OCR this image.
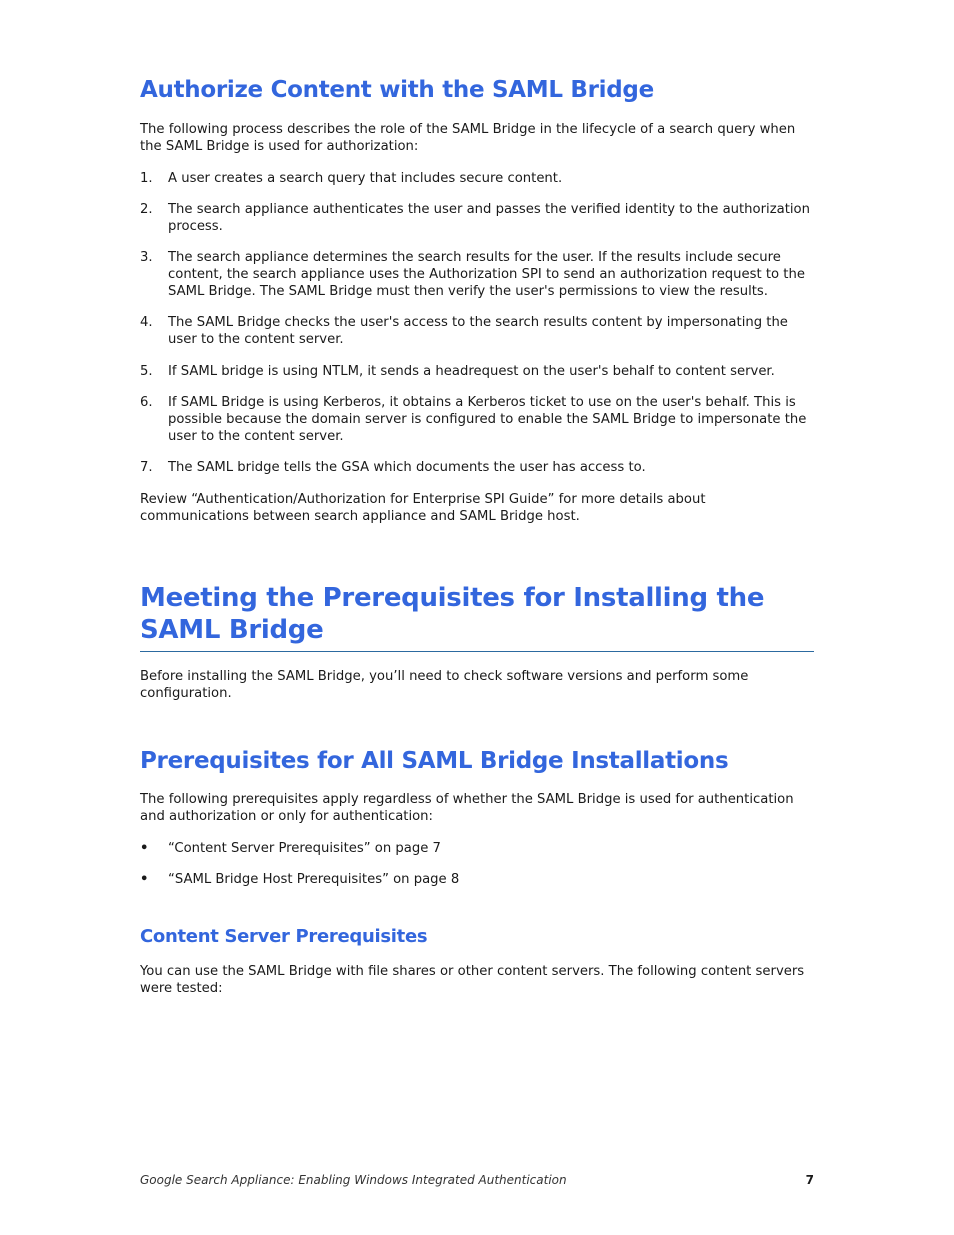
Authorize Content with the SAML Bridge

The following process describes the role of the SAML Bridge in the lifecycle of a search query when the SAML Bridge is used for authorization:

1. A user creates a search query that includes secure content.
2. The search appliance authenticates the user and passes the verified identity to the authorization process.
3. The search appliance determines the search results for the user. If the results include secure content, the search appliance uses the Authorization SPI to send an authorization request to the SAML Bridge. The SAML Bridge must then verify the user's permissions to view the results.
4. The SAML Bridge checks the user's access to the search results content by impersonating the user to the content server.
5. If SAML bridge is using NTLM, it sends a headrequest on the user's behalf to content server.
6. If SAML Bridge is using Kerberos, it obtains a Kerberos ticket to use on the user's behalf. This is possible because the domain server is configured to enable the SAML Bridge to impersonate the user to the content server.
7. The SAML bridge tells the GSA which documents the user has access to.

Review “Authentication/Authorization for Enterprise SPI Guide” for more details about communications between search appliance and SAML Bridge host.

Meeting the Prerequisites for Installing the
SAML Bridge

Before installing the SAML Bridge, you’ll need to check software versions and perform some configuration.

Prerequisites for All SAML Bridge Installations

The following prerequisites apply regardless of whether the SAML Bridge is used for authentication and authorization or only for authentication:

• “Content Server Prerequisites” on page 7
• “SAML Bridge Host Prerequisites” on page 8
Content Server Prerequisites

You can use the SAML Bridge with file shares or other content servers. The following content servers were tested:

Google Search Appliance: Enabling Windows Integrated Authentication	7
